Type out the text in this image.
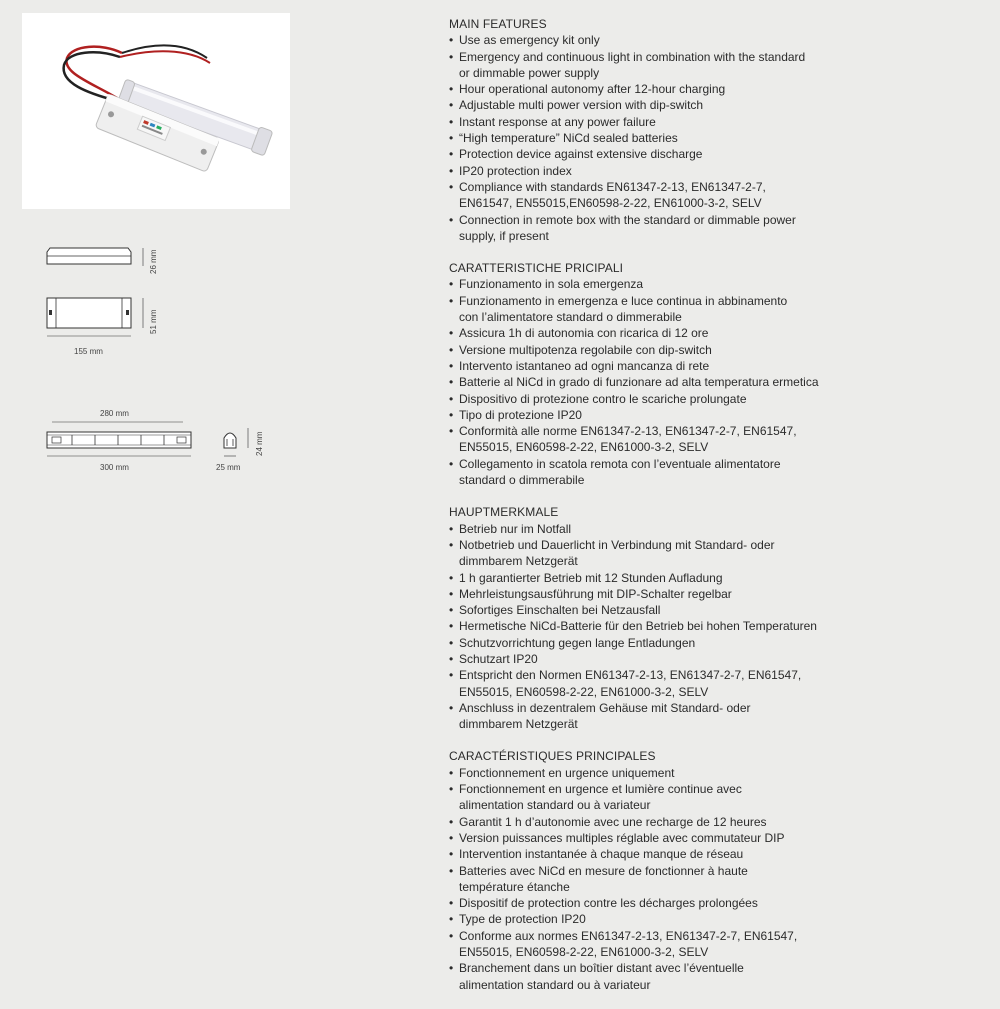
26 mm
51 mm
155 mm
280 mm
300 mm
24 mm
25 mm
MAIN FEATURES
• Use as emergency kit only
• Emergency and continuous light in combination with the standard
or dimmable power supply
• Hour operational autonomy after 12-hour charging
• Adjustable multi power version with dip-switch
• Instant response at any power failure
• “High temperature” NiCd sealed batteries
• Protection device against extensive discharge
• IP20 protection index
• Compliance with standards EN61347-2-13, EN61347-2-7,
EN61547, EN55015,EN60598-2-22, EN61000-3-2, SELV
• Connection in remote box with the standard or dimmable power
supply, if present
CARATTERISTICHE PRICIPALI
• Funzionamento in sola emergenza
• Funzionamento in emergenza e luce continua in abbinamento
con l’alimentatore standard o dimmerabile
• Assicura 1h di autonomia con ricarica di 12 ore
• Versione multipotenza regolabile con dip-switch
• Intervento istantaneo ad ogni mancanza di rete
• Batterie al NiCd in grado di funzionare ad alta temperatura ermetica
• Dispositivo di protezione contro le scariche prolungate
• Tipo di protezione IP20
• Conformità alle norme EN61347-2-13, EN61347-2-7, EN61547,
EN55015, EN60598-2-22, EN61000-3-2, SELV
• Collegamento in scatola remota con l’eventuale alimentatore
standard o dimmerabile
HAUPTMERKMALE
• Betrieb nur im Notfall
• Notbetrieb und Dauerlicht in Verbindung mit Standard- oder
dimmbarem Netzgerät
• 1 h garantierter Betrieb mit 12 Stunden Aufladung
• Mehrleistungsausführung mit DIP-Schalter regelbar
• Sofortiges Einschalten bei Netzausfall
• Hermetische NiCd-Batterie für den Betrieb bei hohen Temperaturen
• Schutzvorrichtung gegen lange Entladungen
• Schutzart IP20
• Entspricht den Normen EN61347-2-13, EN61347-2-7, EN61547,
EN55015, EN60598-2-22, EN61000-3-2, SELV
• Anschluss in dezentralem Gehäuse mit Standard- oder
dimmbarem Netzgerät
CARACTÉRISTIQUES PRINCIPALES
• Fonctionnement en urgence uniquement
• Fonctionnement en urgence et lumière continue avec
alimentation standard ou à variateur
• Garantit 1 h d’autonomie avec une recharge de 12 heures
• Version puissances multiples réglable avec commutateur DIP
• Intervention instantanée à chaque manque de réseau
• Batteries avec NiCd en mesure de fonctionner à haute
température étanche
• Dispositif de protection contre les décharges prolongées
• Type de protection IP20
• Conforme aux normes EN61347-2-13, EN61347-2-7, EN61547,
EN55015, EN60598-2-22, EN61000-3-2, SELV
• Branchement dans un boîtier distant avec l’éventuelle
alimentation standard ou à variateur
